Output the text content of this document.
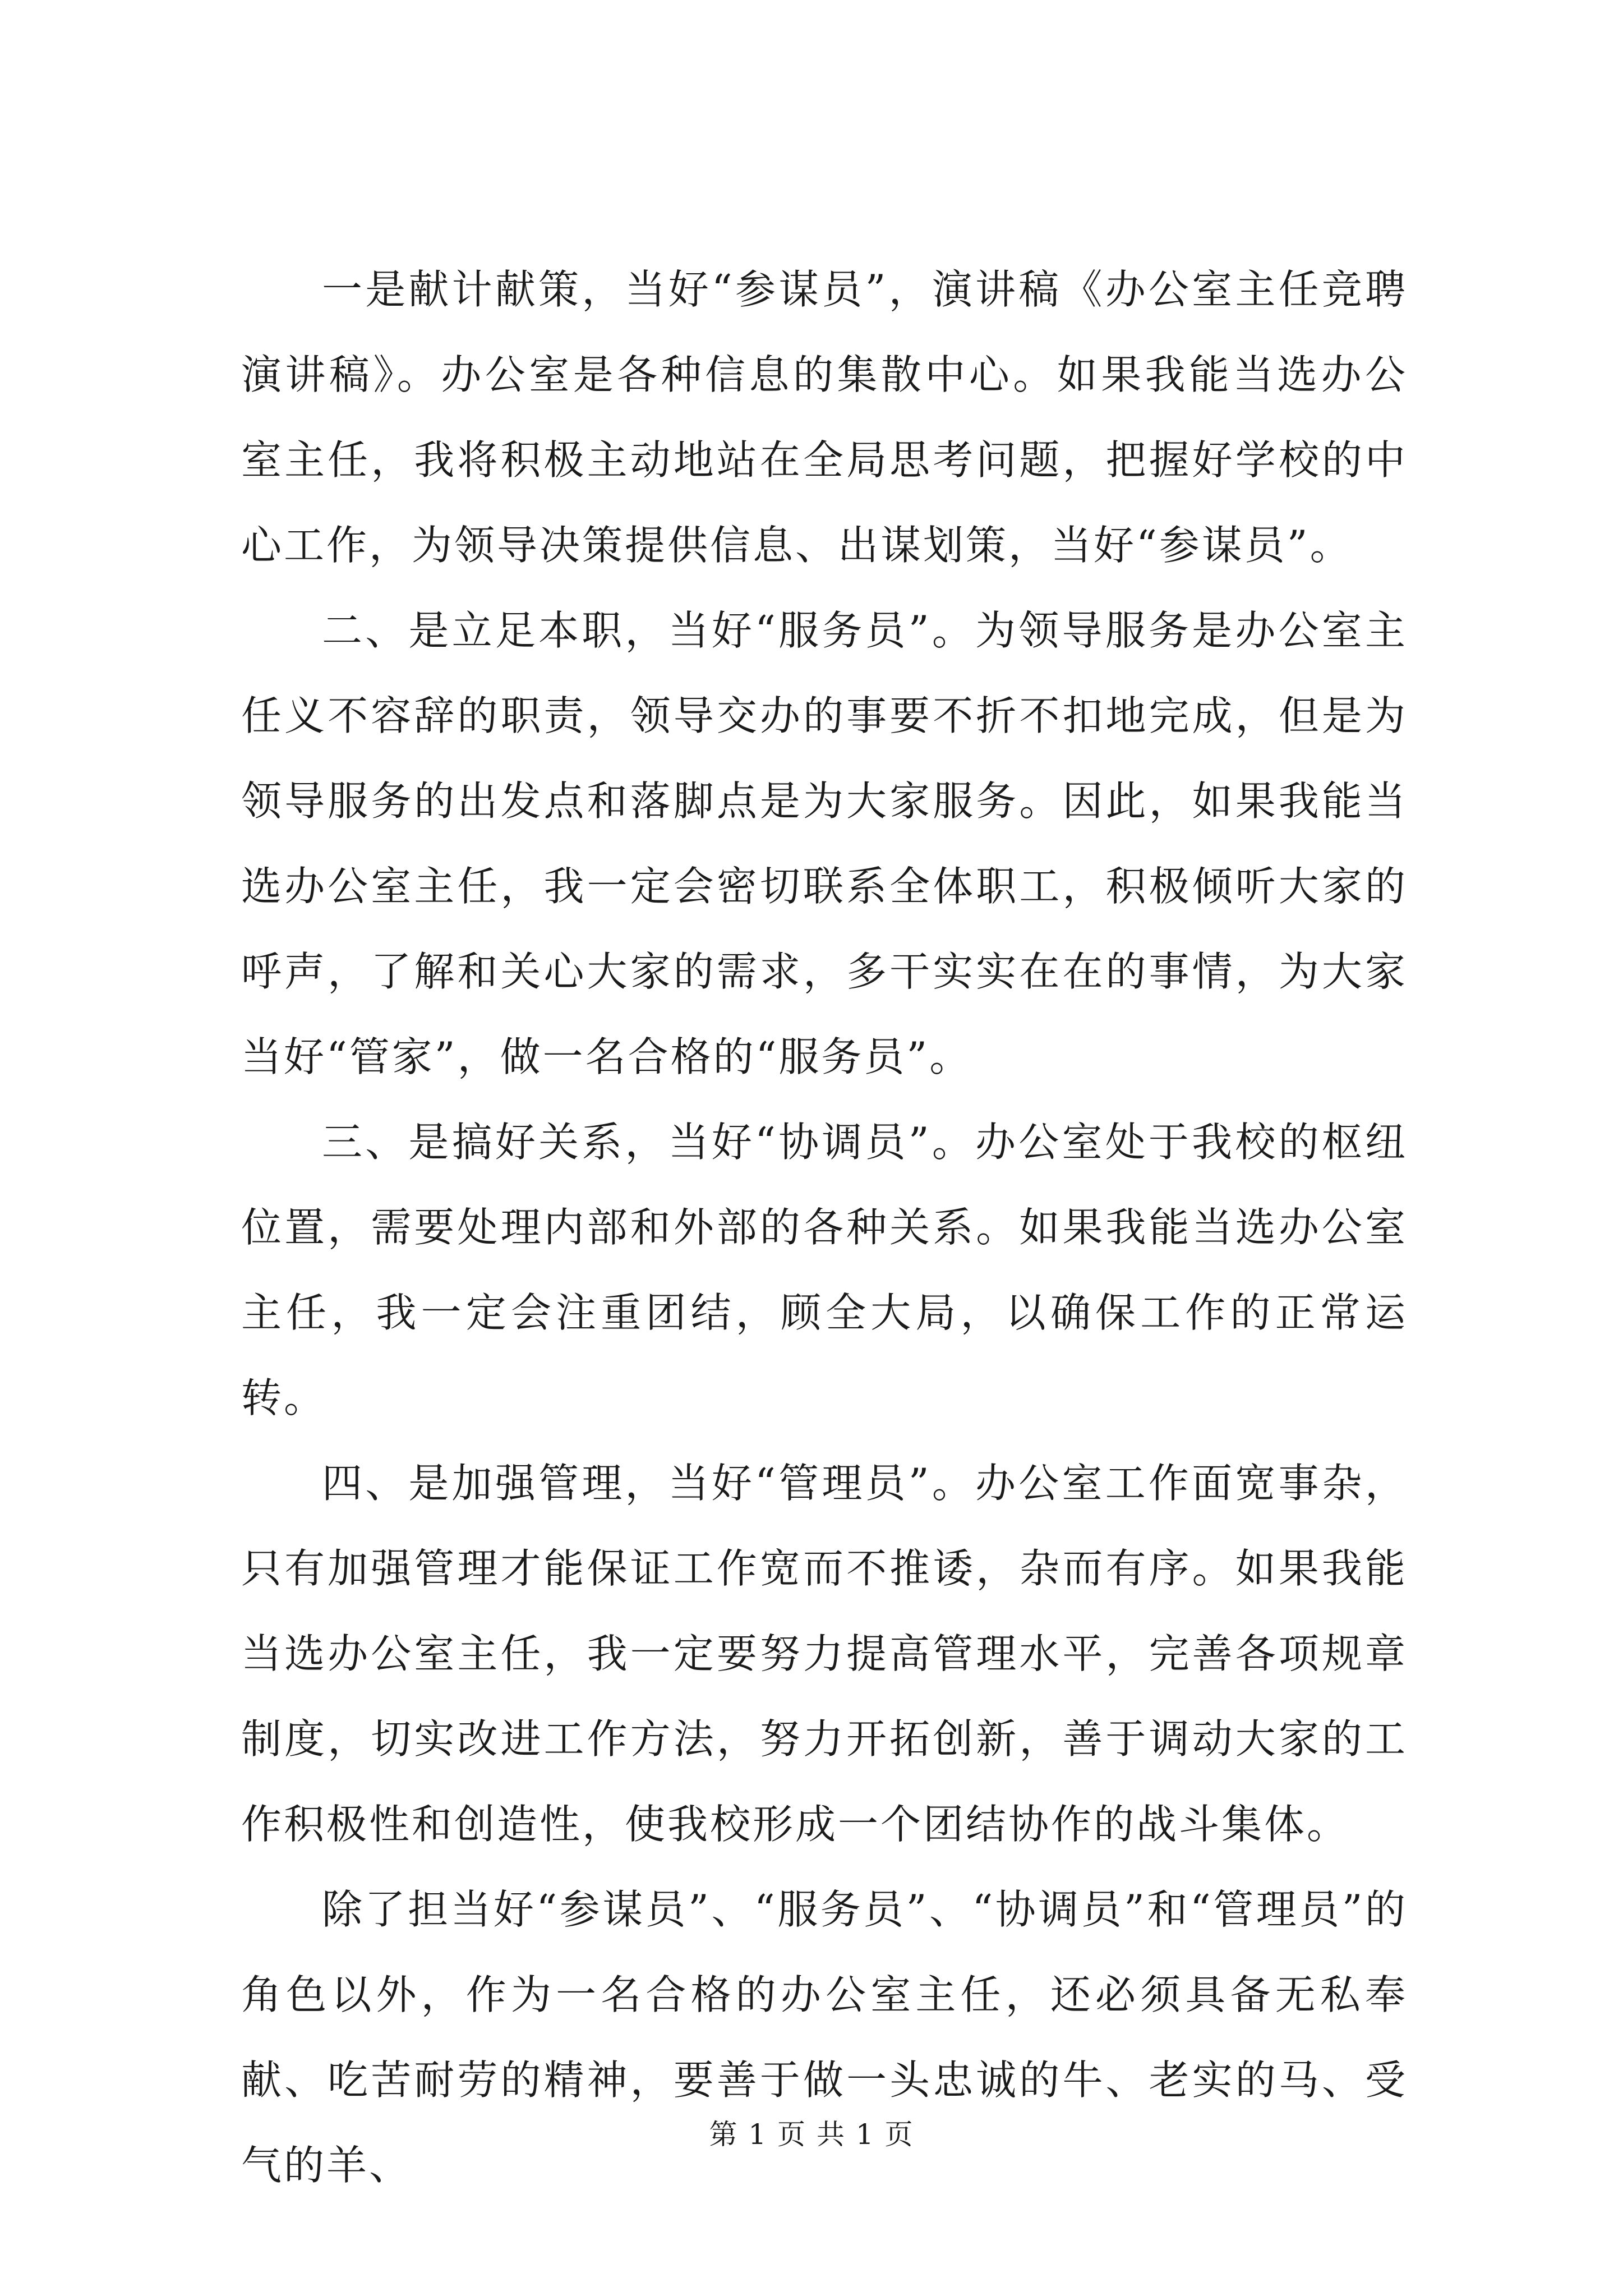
一是献计献策，当好“参谋员”，演讲稿《办公室主任竞聘演讲稿》。办公室是各种信息的集散中心。如果我能当选办公室主任，我将积极主动地站在全局思考问题，把握好学校的中心工作，为领导决策提供信息、出谋划策，当好“参谋员”。

二、是立足本职，当好“服务员”。为领导服务是办公室主任义不容辞的职责，领导交办的事要不折不扣地完成，但是为领导服务的出发点和落脚点是为大家服务。因此，如果我能当选办公室主任，我一定会密切联系全体职工，积极倾听大家的呼声，了解和关心大家的需求，多干实实在在的事情，为大家当好“管家”，做一名合格的“服务员”。

三、是搞好关系，当好“协调员”。办公室处于我校的枢纽位置，需要处理内部和外部的各种关系。如果我能当选办公室主任，我一定会注重团结，顾全大局，以确保工作的正常运转。

四、是加强管理，当好“管理员”。办公室工作面宽事杂，只有加强管理才能保证工作宽而不推诿，杂而有序。如果我能当选办公室主任，我一定要努力提高管理水平，完善各项规章制度，切实改进工作方法，努力开拓创新，善于调动大家的工作积极性和创造性，使我校形成一个团结协作的战斗集体。

除了担当好“参谋员”、“服务员”、“协调员”和“管理员”的角色以外，作为一名合格的办公室主任，还必须具备无私奉献、吃苦耐劳的精神，要善于做一头忠诚的牛、老实的马、受气的羊、

第 1 页 共 1 页
